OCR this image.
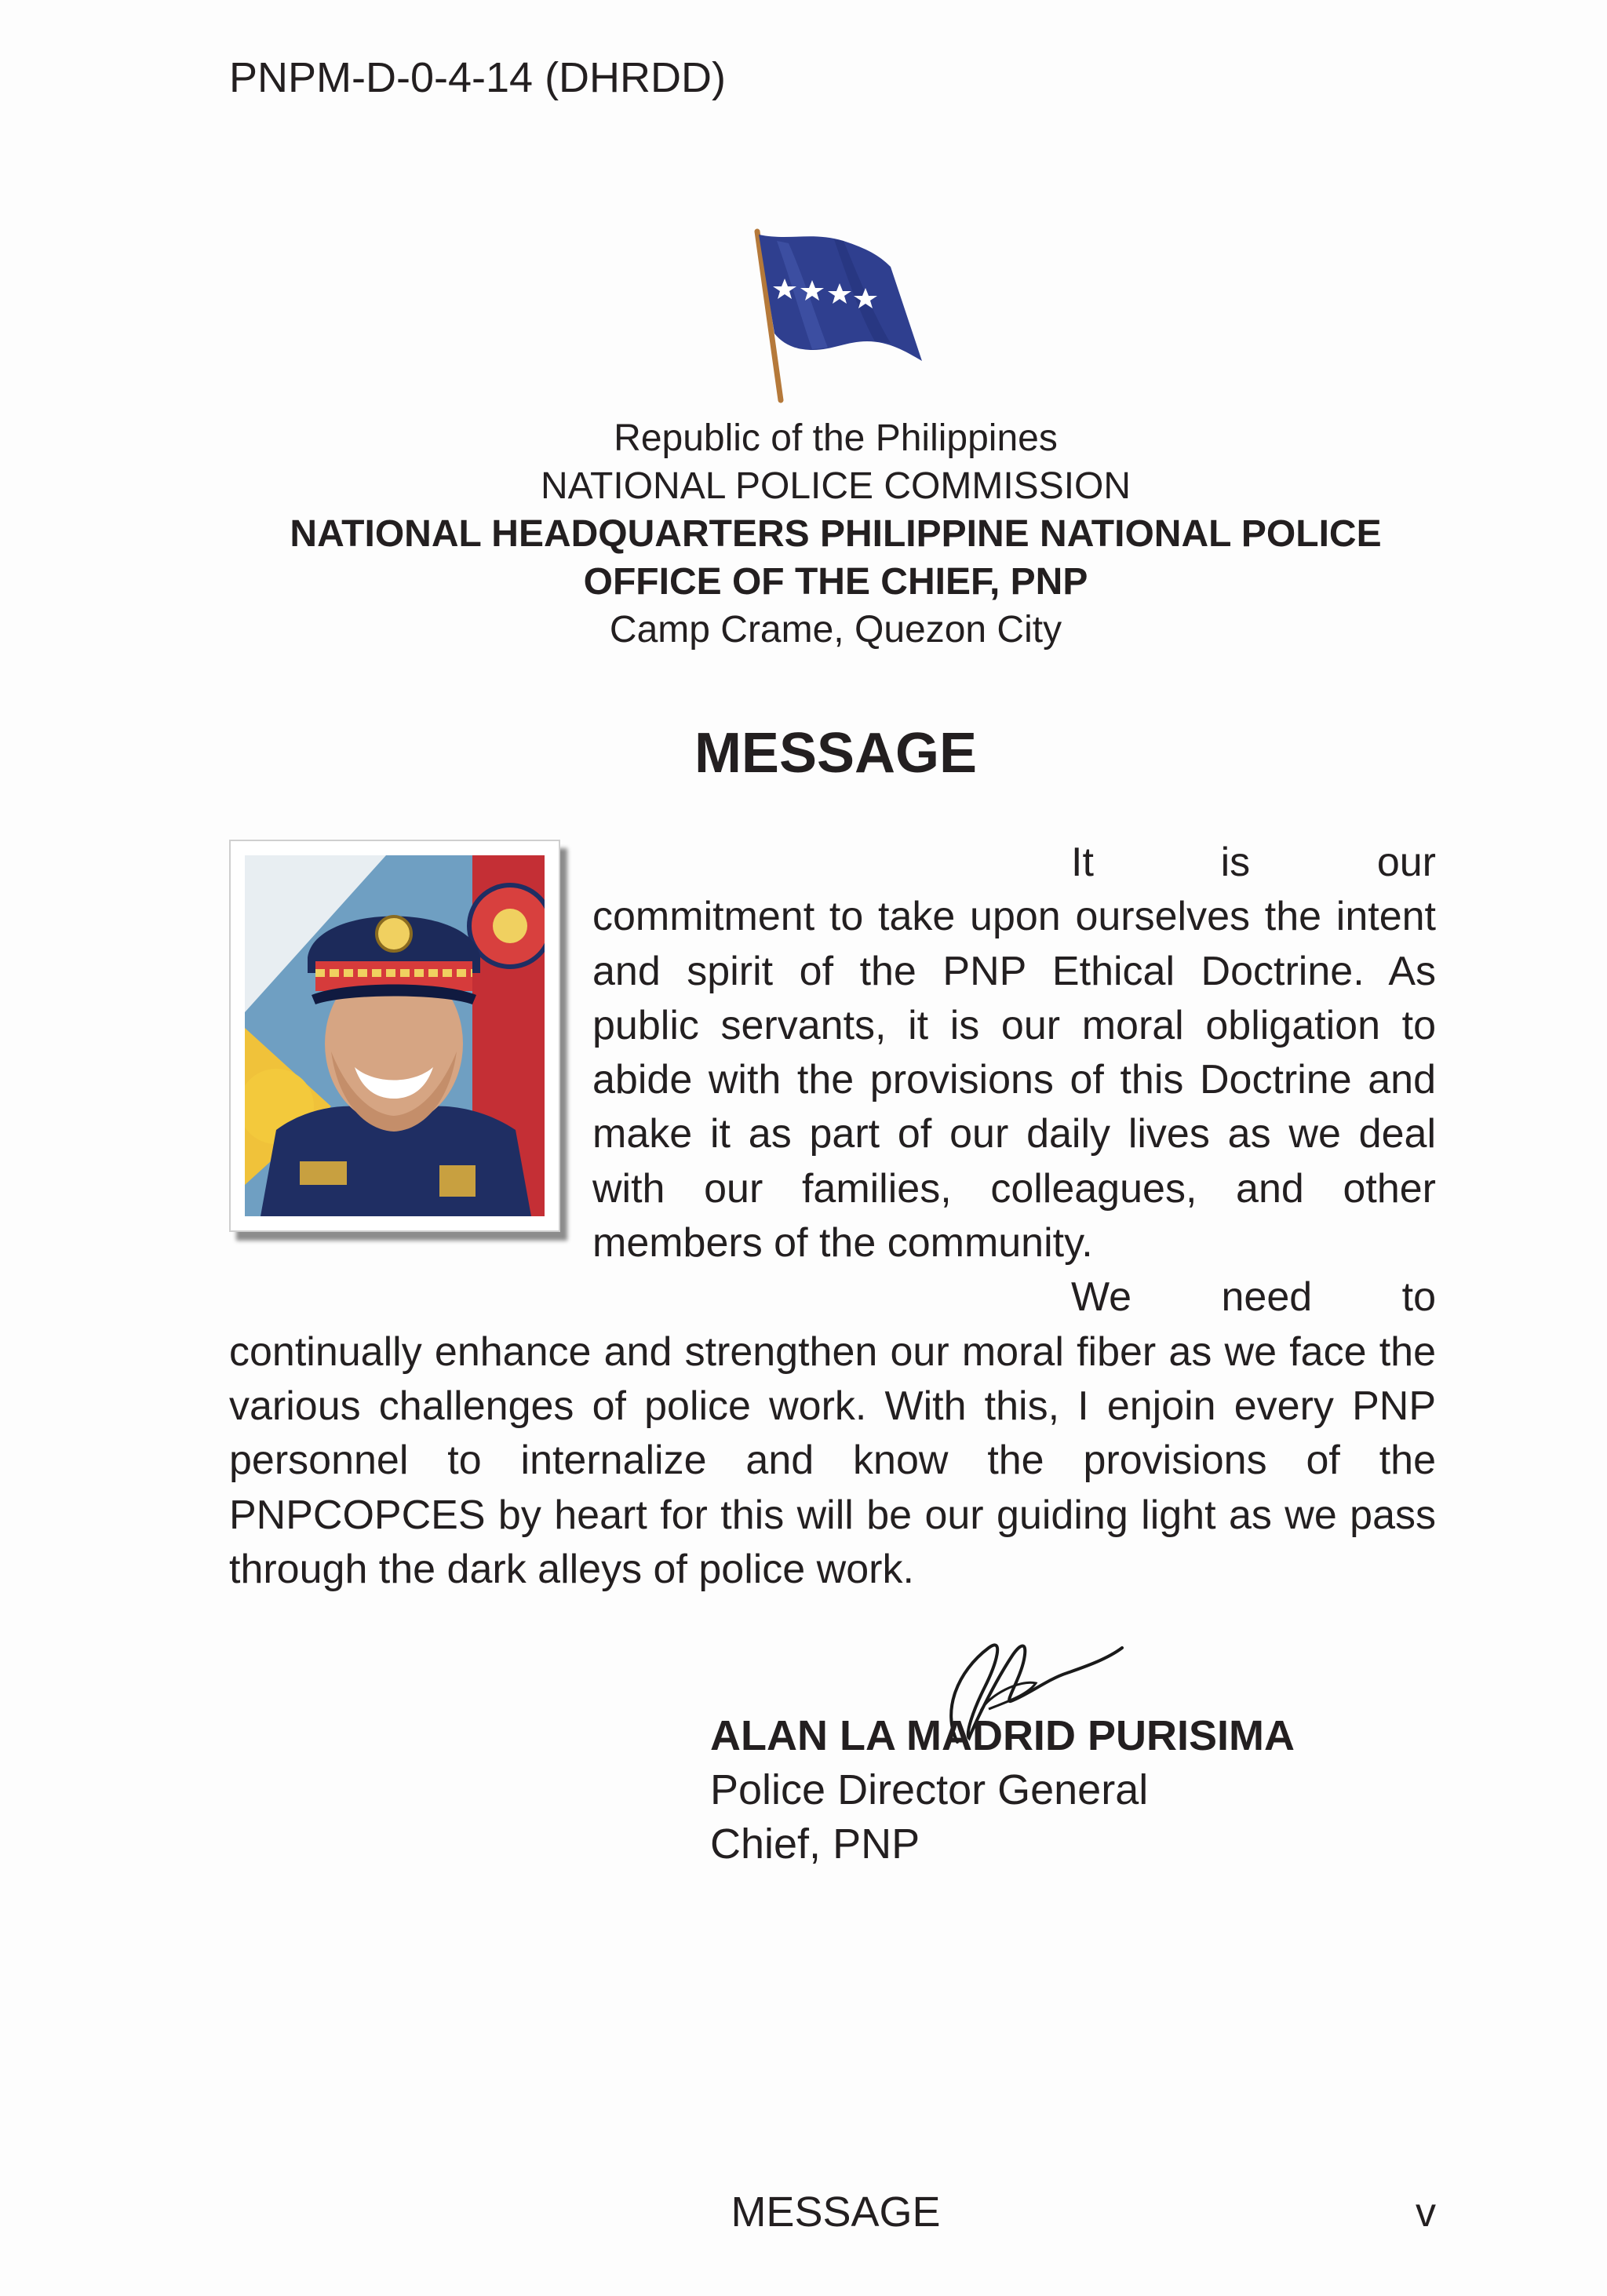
PNPM-D-0-4-14 (DHRDD)
Republic of the Philippines
NATIONAL POLICE COMMISSION
NATIONAL HEADQUARTERS PHILIPPINE NATIONAL POLICE
OFFICE OF THE CHIEF, PNP
Camp Crame, Quezon City
MESSAGE

It is our commitment to take upon ourselves the intent and spirit of the PNP Ethical Doctrine. As public servants, it is our moral obligation to abide with the provisions of this Doctrine and make it as part of our daily lives as we deal with our families, colleagues, and other members of the community.

We need to continually enhance and strengthen our moral fiber as we face the various challenges of police work. With this, I enjoin every PNP personnel to internalize and know the provisions of the PNPCOPCES by heart for this will be our guiding light as we pass through the dark alleys of police work.

ALAN LA MADRID PURISIMA
Police Director General
Chief, PNP
MESSAGE	v
